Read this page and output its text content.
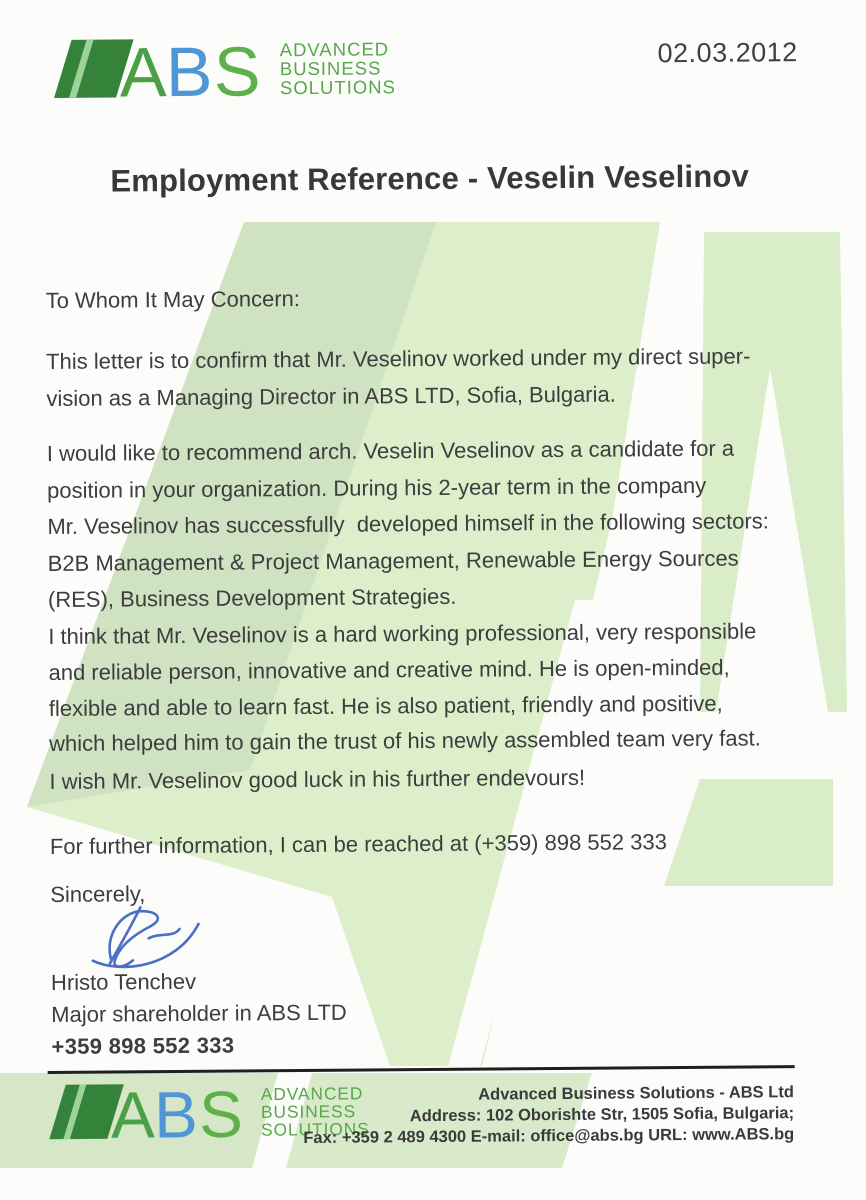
02.03.2012
Employment Reference - Veselin Veselinov
To Whom It May Concern:
This letter is to confirm that Mr. Veselinov worked under my direct super-
vision as a Managing Director in ABS LTD, Sofia, Bulgaria.
I would like to recommend arch. Veselin Veselinov as a candidate for a
position in your organization. During his 2-year term in the company
Mr. Veselinov has successfully  developed himself in the following sectors:
B2B Management & Project Management, Renewable Energy Sources
(RES), Business Development Strategies.
I think that Mr. Veselinov is a hard working professional, very responsible
and reliable person, innovative and creative mind. He is open-minded,
flexible and able to learn fast. He is also patient, friendly and positive,
which helped him to gain the trust of his newly assembled team very fast.
I wish Mr. Veselinov good luck in his further endevours!
For further information, I can be reached at (+359) 898 552 333
Sincerely,
Hristo Tenchev
Major shareholder in ABS LTD
+359 898 552 333
Advanced Business Solutions - ABS Ltd
Address: 102 Oborishte Str, 1505 Sofia, Bulgaria;
Fax: +359 2 489 4300 E-mail: office@abs.bg URL: www.ABS.bg
